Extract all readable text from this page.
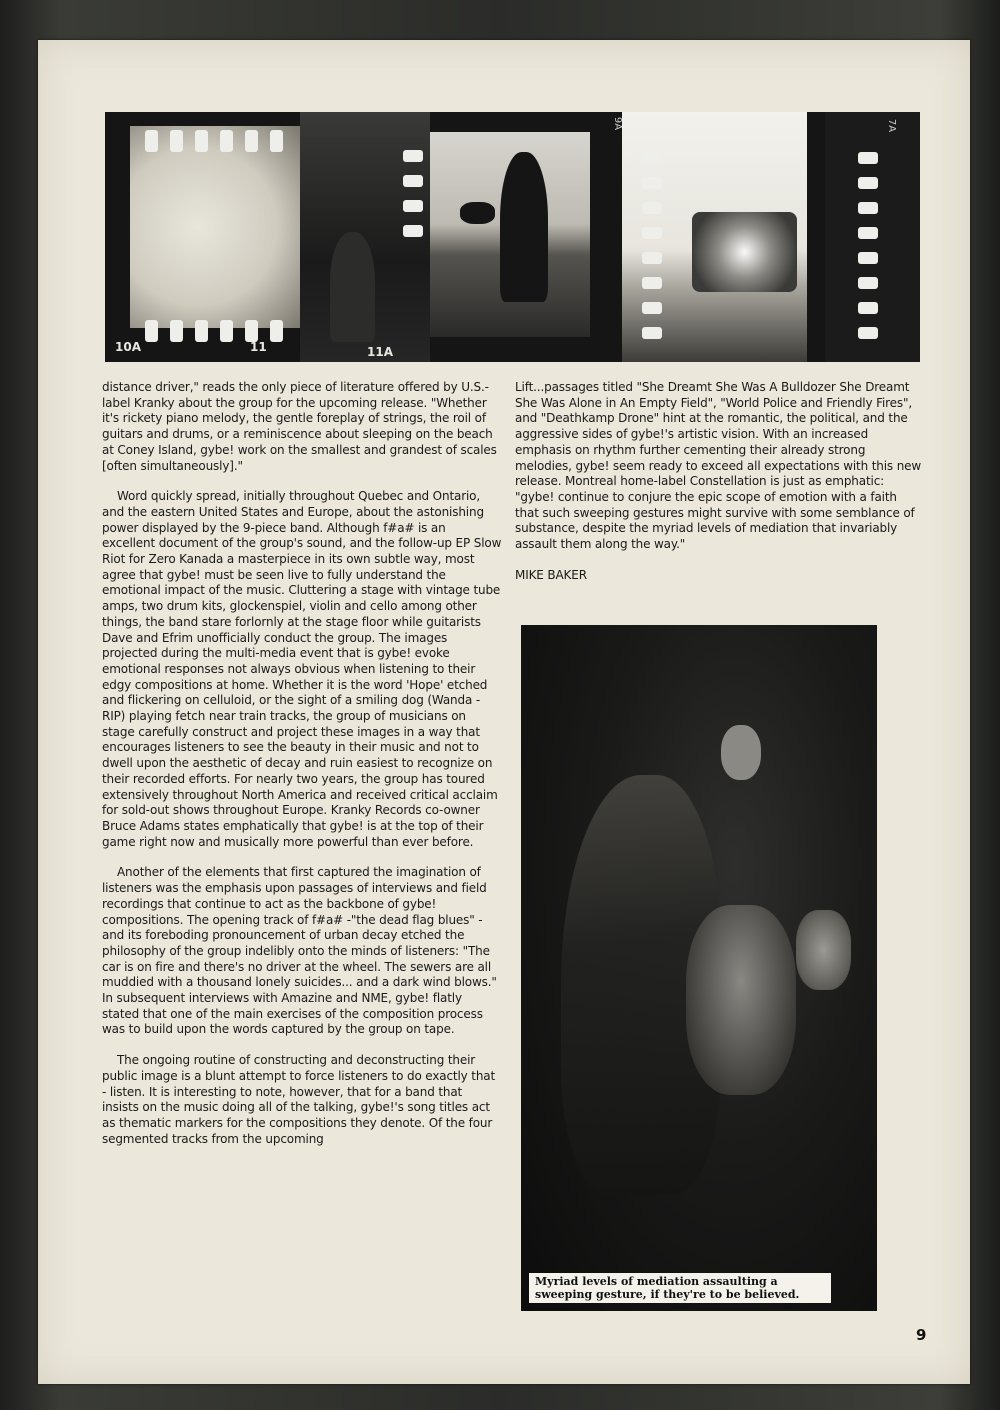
10A	11	11A
9A	7A

distance driver," reads the only piece of literature offered by U.S.-label Kranky about the group for the upcoming release. "Whether it's rickety piano melody, the gentle foreplay of strings, the roil of guitars and drums, or a reminiscence about sleeping on the beach at Coney Island, gybe! work on the smallest and grandest of scales [often simultaneously]."

Word quickly spread, initially throughout Quebec and Ontario, and the eastern United States and Europe, about the astonishing power displayed by the 9-piece band. Although f#a# is an excellent document of the group's sound, and the follow-up EP Slow Riot for Zero Kanada a masterpiece in its own subtle way, most agree that gybe! must be seen live to fully understand the emotional impact of the music. Cluttering a stage with vintage tube amps, two drum kits, glockenspiel, violin and cello among other things, the band stare forlornly at the stage floor while guitarists Dave and Efrim unofficially conduct the group. The images projected during the multi-media event that is gybe! evoke emotional responses not always obvious when listening to their edgy compositions at home. Whether it is the word 'Hope' etched and flickering on celluloid, or the sight of a smiling dog (Wanda - RIP) playing fetch near train tracks, the group of musicians on stage carefully construct and project these images in a way that encourages listeners to see the beauty in their music and not to dwell upon the aesthetic of decay and ruin easiest to recognize on their recorded efforts. For nearly two years, the group has toured extensively throughout North America and received critical acclaim for sold-out shows throughout Europe. Kranky Records co-owner Bruce Adams states emphatically that gybe! is at the top of their game right now and musically more powerful than ever before.

Another of the elements that first captured the imagination of listeners was the emphasis upon passages of interviews and field recordings that continue to act as the backbone of gybe! compositions. The opening track of f#a# -"the dead flag blues" - and its foreboding pronouncement of urban decay etched the philosophy of the group indelibly onto the minds of listeners: "The car is on fire and there's no driver at the wheel. The sewers are all muddied with a thousand lonely suicides... and a dark wind blows." In subsequent interviews with Amazine and NME, gybe! flatly stated that one of the main exercises of the composition process was to build upon the words captured by the group on tape.

The ongoing routine of constructing and deconstructing their public image is a blunt attempt to force listeners to do exactly that - listen. It is interesting to note, however, that for a band that insists on the music doing all of the talking, gybe!'s song titles act as thematic markers for the compositions they denote. Of the four segmented tracks from the upcoming

Lift...passages titled "She Dreamt She Was A Bulldozer She Dreamt She Was Alone in An Empty Field", "World Police and Friendly Fires", and "Deathkamp Drone" hint at the romantic, the political, and the aggressive sides of gybe!'s artistic vision. With an increased emphasis on rhythm further cementing their already strong melodies, gybe! seem ready to exceed all expectations with this new release. Montreal home-label Constellation is just as emphatic: "gybe! continue to conjure the epic scope of emotion with a faith that such sweeping gestures might survive with some semblance of substance, despite the myriad levels of mediation that invariably assault them along the way."

MIKE BAKER
Myriad levels of mediation assaulting a sweeping gesture, if they're to be believed.
9
